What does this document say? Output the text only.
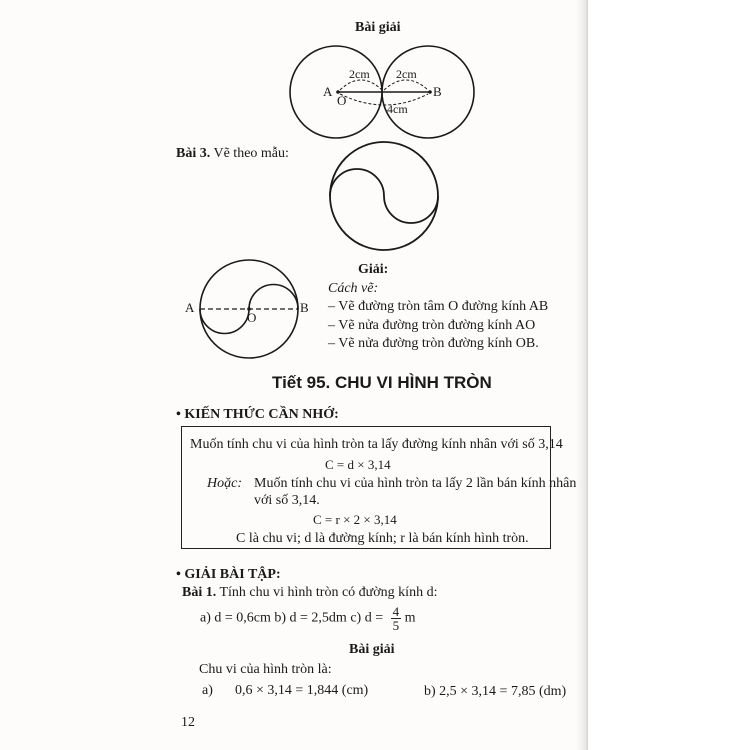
Bài giải
2cm 2cm
4cm
A
O
B
Bài 3. Vẽ theo mẫu:
A
O
B
Giải:
Cách vẽ:
– Vẽ đường tròn tâm O đường kính AB
– Vẽ nửa đường tròn đường kính AO
– Vẽ nửa đường tròn đường kính OB.
Tiết 95. CHU VI HÌNH TRÒN
• KIẾN THỨC CẦN NHỚ:
Muốn tính chu vi của hình tròn ta lấy đường kính nhân với số 3,14
C = d × 3,14
Hoặc: Muốn tính chu vi của hình tròn ta lấy 2 lần bán kính nhân
với số 3,14.
C = r × 2 × 3,14
C là chu vi; d là đường kính; r là bán kính hình tròn.
• GIẢI BÀI TẬP:
Bài 1. Tính chu vi hình tròn có đường kính d:
a) d = 0,6cm b) d = 2,5dm c) $d = \frac{4}{5}$ m
Bài giải
Chu vi của hình tròn là:
a) 0,6 × 3,14 = 1,844 (cm)	b) 2,5 × 3,14 = 7,85 (dm)
12
